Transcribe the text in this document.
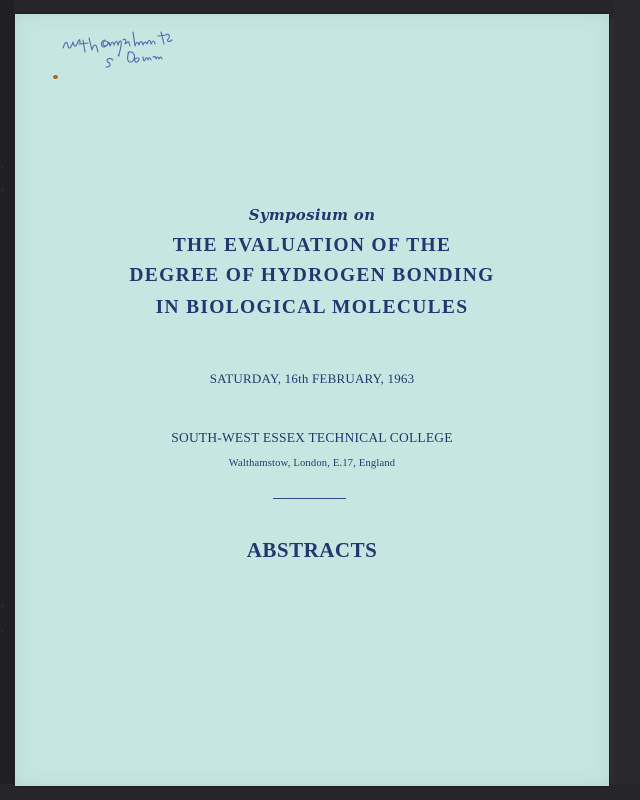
Symposium on

THE EVALUATION OF THE

DEGREE OF HYDROGEN BONDING

IN BIOLOGICAL MOLECULES

SATURDAY, 16th FEBRUARY, 1963

SOUTH-WEST ESSEX TECHNICAL COLLEGE

Walthamstow, London, E.17, England

ABSTRACTS
